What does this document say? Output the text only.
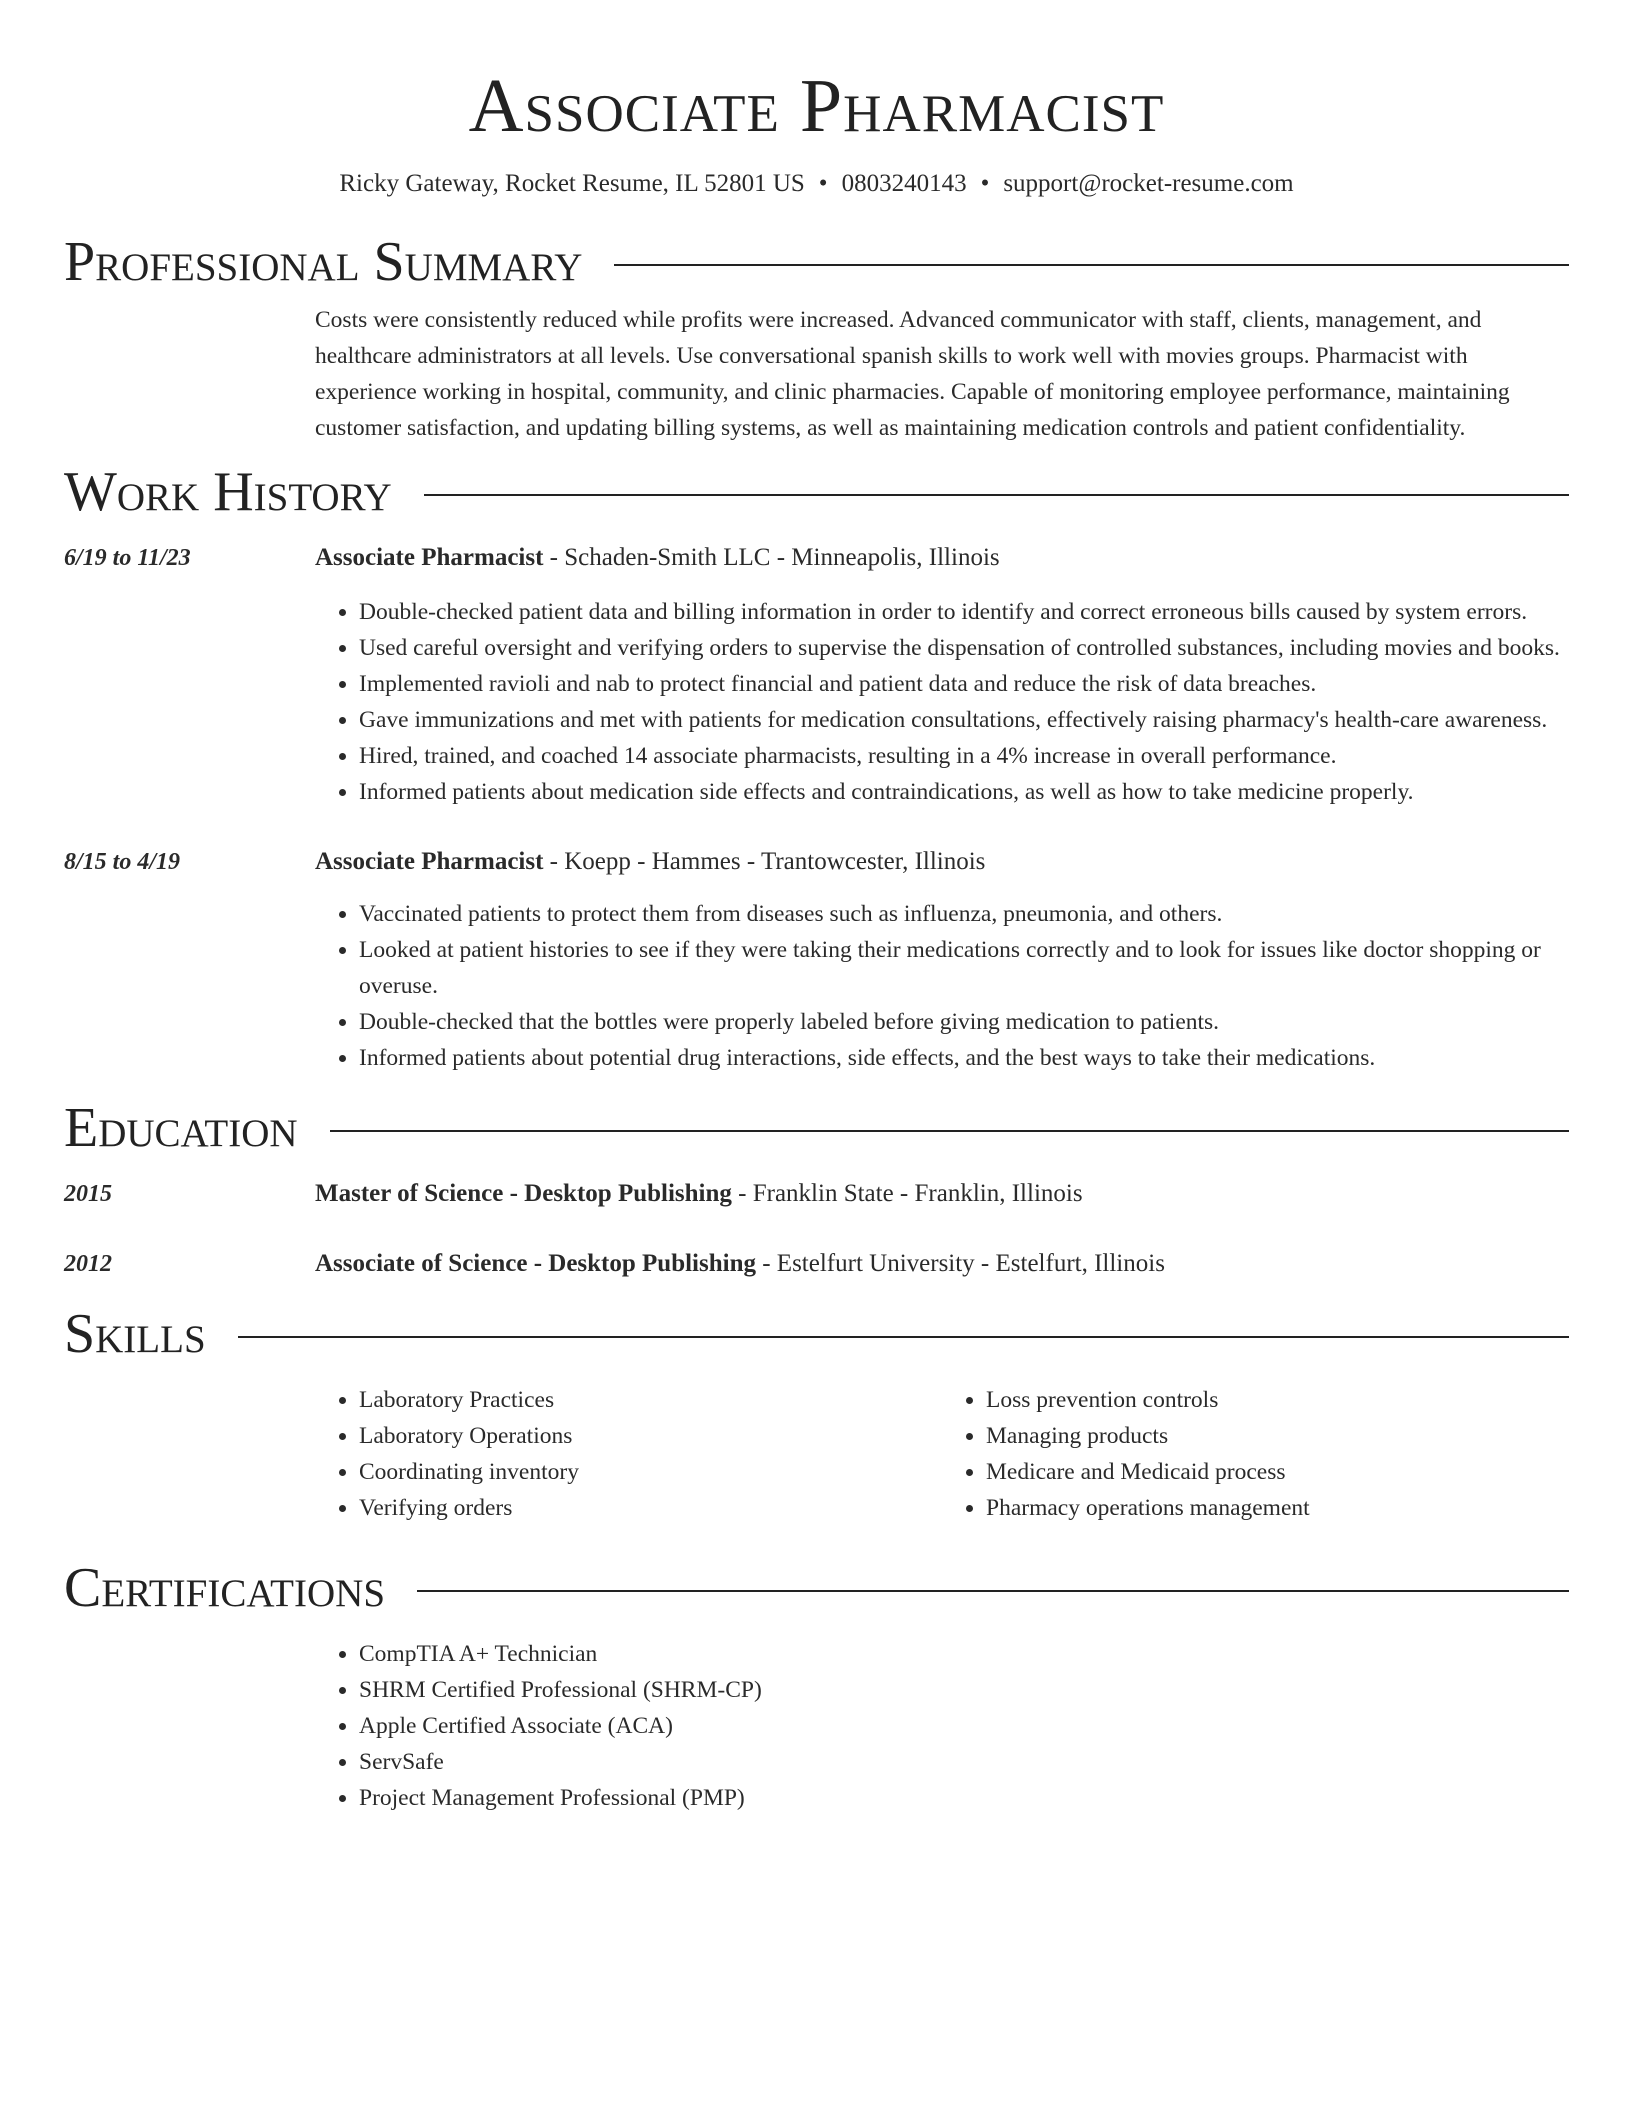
Associate Pharmacist
Ricky Gateway, Rocket Resume, IL 52801 US • 0803240143 • support@rocket-resume.com
Professional Summary
Costs were consistently reduced while profits were increased. Advanced communicator with staff, clients, management, and healthcare administrators at all levels. Use conversational spanish skills to work well with movies groups. Pharmacist with experience working in hospital, community, and clinic pharmacies. Capable of monitoring employee performance, maintaining customer satisfaction, and updating billing systems, as well as maintaining medication controls and patient confidentiality.
Work History
6/19 to 11/23	Associate Pharmacist - Schaden-Smith LLC - Minneapolis, Illinois
• Double-checked patient data and billing information in order to identify and correct erroneous bills caused by system errors.
• Used careful oversight and verifying orders to supervise the dispensation of controlled substances, including movies and books.
• Implemented ravioli and nab to protect financial and patient data and reduce the risk of data breaches.
• Gave immunizations and met with patients for medication consultations, effectively raising pharmacy's health-care awareness.
• Hired, trained, and coached 14 associate pharmacists, resulting in a 4% increase in overall performance.
• Informed patients about medication side effects and contraindications, as well as how to take medicine properly.
8/15 to 4/19	Associate Pharmacist - Koepp - Hammes - Trantowcester, Illinois
• Vaccinated patients to protect them from diseases such as influenza, pneumonia, and others.
• Looked at patient histories to see if they were taking their medications correctly and to look for issues like doctor shopping or overuse.
• Double-checked that the bottles were properly labeled before giving medication to patients.
• Informed patients about potential drug interactions, side effects, and the best ways to take their medications.
Education
2015	Master of Science - Desktop Publishing - Franklin State - Franklin, Illinois
2012	Associate of Science - Desktop Publishing - Estelfurt University - Estelfurt, Illinois
Skills
• Laboratory Practices
• Laboratory Operations
• Coordinating inventory
• Verifying orders
• Loss prevention controls
• Managing products
• Medicare and Medicaid process
• Pharmacy operations management
Certifications
• CompTIA A+ Technician
• SHRM Certified Professional (SHRM-CP)
• Apple Certified Associate (ACA)
• ServSafe
• Project Management Professional (PMP)
